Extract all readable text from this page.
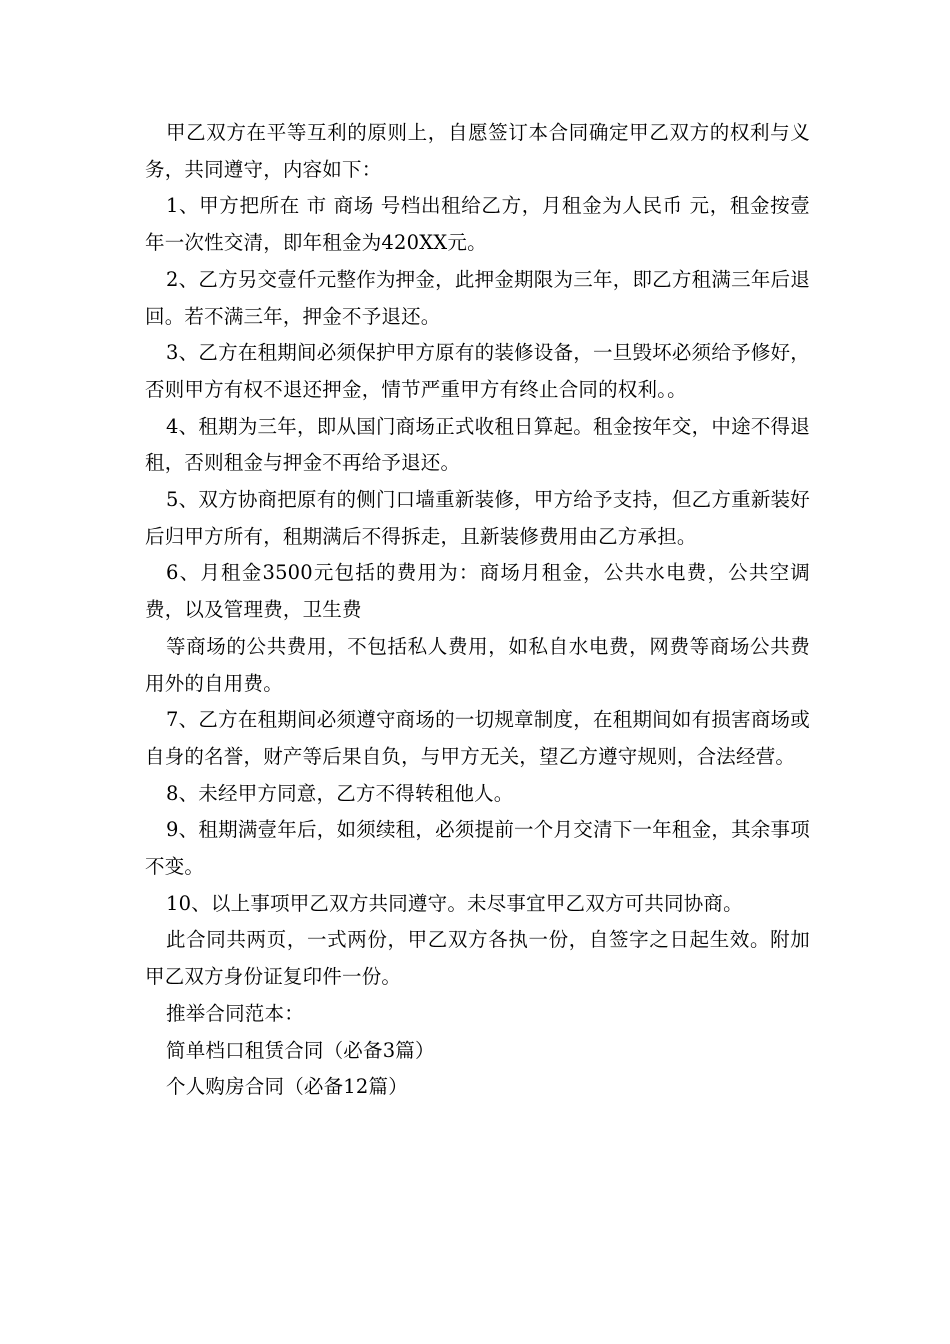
甲乙双方在平等互利的原则上，自愿签订本合同确定甲乙双方的权利与义务，共同遵守，内容如下：

1、甲方把所在 市 商场 号档出租给乙方，月租金为人民币 元，租金按壹年一次性交清，即年租金为420XX元。

2、乙方另交壹仟元整作为押金，此押金期限为三年，即乙方租满三年后退回。若不满三年，押金不予退还。

3、乙方在租期间必须保护甲方原有的装修设备，一旦毁坏必须给予修好，否则甲方有权不退还押金，情节严重甲方有终止合同的权利。。

4、租期为三年，即从国门商场正式收租日算起。租金按年交，中途不得退租，否则租金与押金不再给予退还。

5、双方协商把原有的侧门口墙重新装修，甲方给予支持，但乙方重新装好后归甲方所有，租期满后不得拆走，且新装修费用由乙方承担。

6、月租金3500元包括的费用为：商场月租金，公共水电费，公共空调费，以及管理费，卫生费

等商场的公共费用，不包括私人费用，如私自水电费，网费等商场公共费用外的自用费。

7、乙方在租期间必须遵守商场的一切规章制度，在租期间如有损害商场或自身的名誉，财产等后果自负，与甲方无关，望乙方遵守规则，合法经营。

8、未经甲方同意，乙方不得转租他人。

9、租期满壹年后，如须续租，必须提前一个月交清下一年租金，其余事项不变。

10、以上事项甲乙双方共同遵守。未尽事宜甲乙双方可共同协商。

此合同共两页，一式两份，甲乙双方各执一份，自签字之日起生效。附加甲乙双方身份证复印件一份。

推举合同范本：

简单档口租赁合同（必备3篇）

个人购房合同（必备12篇）
